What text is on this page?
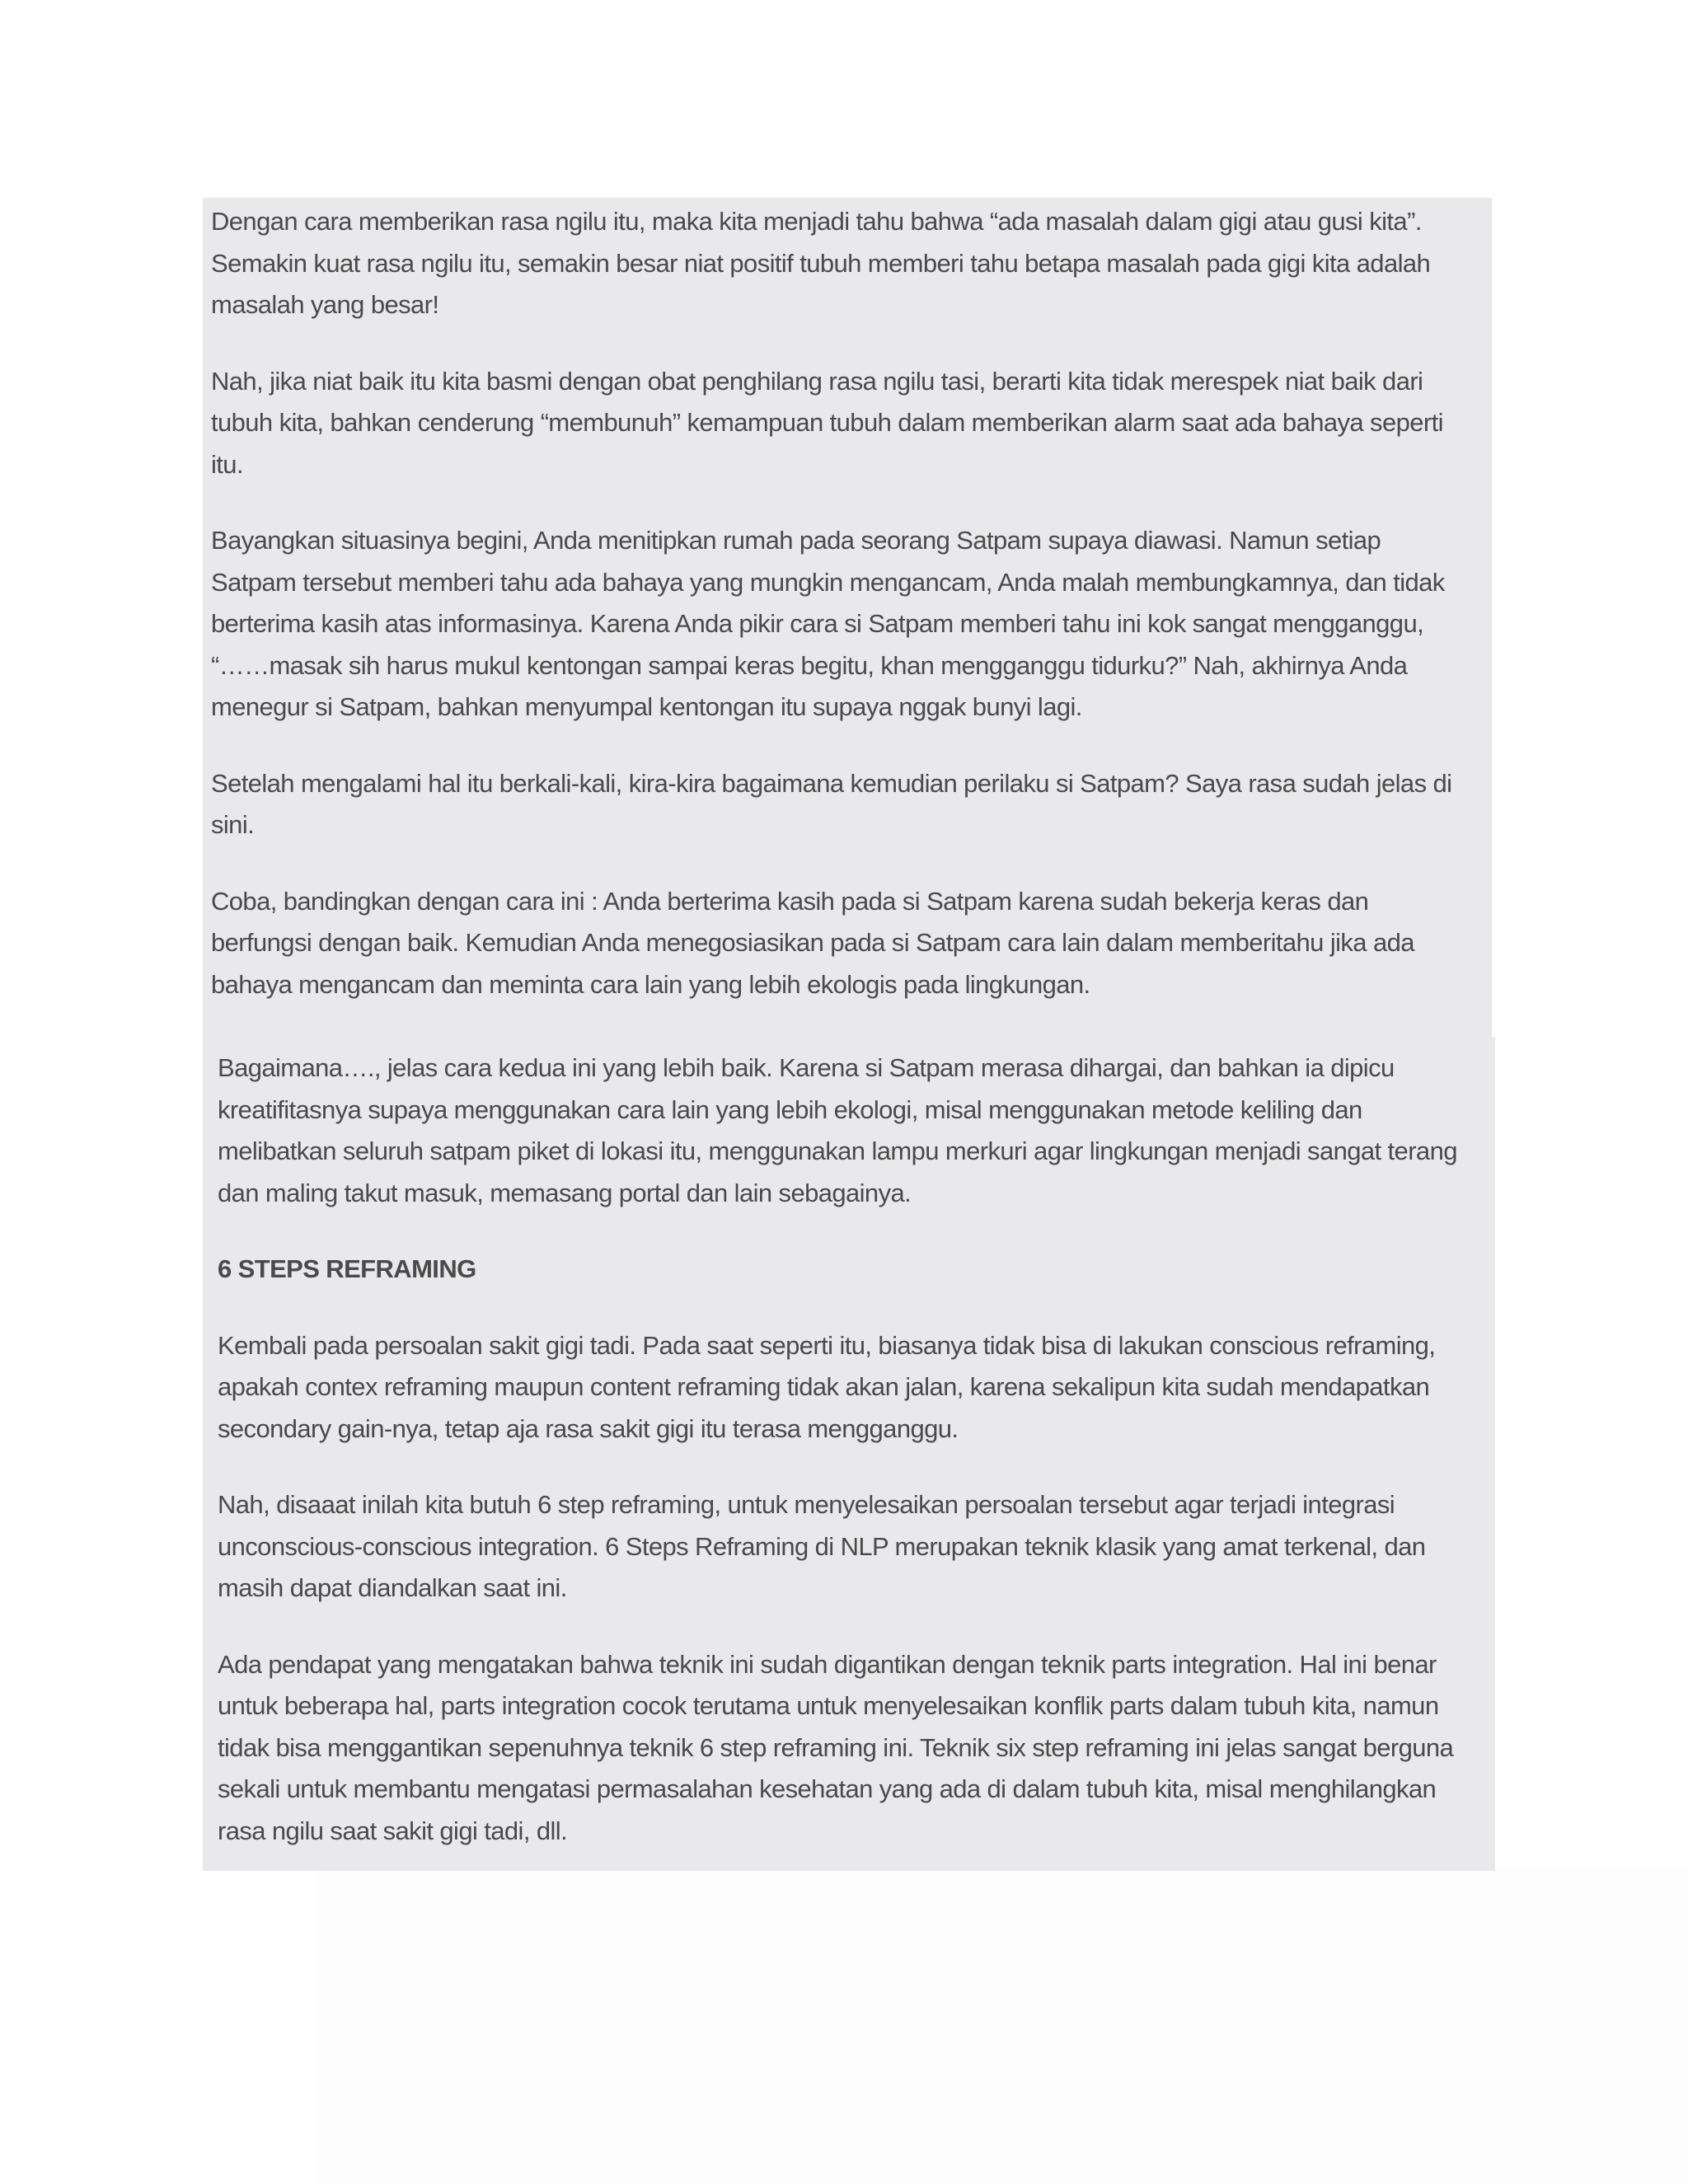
Dengan cara memberikan rasa ngilu itu, maka kita menjadi tahu bahwa “ada masalah dalam gigi atau gusi kita”. Semakin kuat rasa ngilu itu, semakin besar niat positif tubuh memberi tahu betapa masalah pada gigi kita adalah masalah yang besar!

Nah, jika niat baik itu kita basmi dengan obat penghilang rasa ngilu tasi, berarti kita tidak merespek niat baik dari tubuh kita, bahkan cenderung “membunuh” kemampuan tubuh dalam memberikan alarm saat ada bahaya seperti itu.

Bayangkan situasinya begini, Anda menitipkan rumah pada seorang Satpam supaya diawasi. Namun setiap Satpam tersebut memberi tahu ada bahaya yang mungkin mengancam, Anda malah membungkamnya, dan tidak berterima kasih atas informasinya. Karena Anda pikir cara si Satpam memberi tahu ini kok sangat mengganggu, “……masak sih harus mukul kentongan sampai keras begitu, khan mengganggu tidurku?” Nah, akhirnya Anda menegur si Satpam, bahkan menyumpal kentongan itu supaya nggak bunyi lagi.

Setelah mengalami hal itu berkali-kali, kira-kira bagaimana kemudian perilaku si Satpam? Saya rasa sudah jelas di sini.

Coba, bandingkan dengan cara ini : Anda berterima kasih pada si Satpam karena sudah bekerja keras dan berfungsi dengan baik. Kemudian Anda menegosiasikan pada si Satpam cara lain dalam memberitahu jika ada bahaya mengancam dan meminta cara lain yang lebih ekologis pada lingkungan.

Bagaimana…., jelas cara kedua ini yang lebih baik. Karena si Satpam merasa dihargai, dan bahkan ia dipicu kreatifitasnya supaya menggunakan cara lain yang lebih ekologi, misal menggunakan metode keliling dan melibatkan seluruh satpam piket di lokasi itu, menggunakan lampu merkuri agar lingkungan menjadi sangat terang dan maling takut masuk, memasang portal dan lain sebagainya.

6 STEPS REFRAMING

Kembali pada persoalan sakit gigi tadi. Pada saat seperti itu, biasanya tidak bisa di lakukan conscious reframing, apakah contex reframing maupun content reframing tidak akan jalan, karena sekalipun kita sudah mendapatkan secondary gain-nya, tetap aja rasa sakit gigi itu terasa mengganggu.

Nah, disaaat inilah kita butuh 6 step reframing, untuk menyelesaikan persoalan tersebut agar terjadi integrasi unconscious-conscious integration. 6 Steps Reframing di NLP merupakan teknik klasik yang amat terkenal, dan masih dapat diandalkan saat ini.

Ada pendapat yang mengatakan bahwa teknik ini sudah digantikan dengan teknik parts integration. Hal ini benar untuk beberapa hal, parts integration cocok terutama untuk menyelesaikan konflik parts dalam tubuh kita, namun tidak bisa menggantikan sepenuhnya teknik 6 step reframing ini. Teknik six step reframing ini jelas sangat berguna sekali untuk membantu mengatasi permasalahan kesehatan yang ada di dalam tubuh kita, misal menghilangkan rasa ngilu saat sakit gigi tadi, dll.
